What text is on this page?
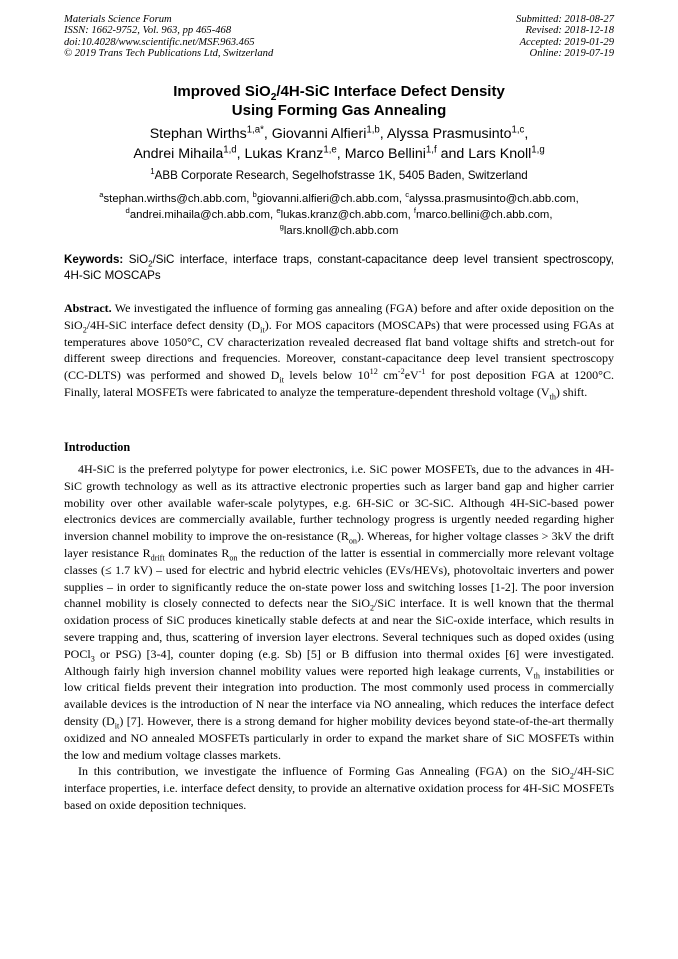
Materials Science Forum
ISSN: 1662-9752, Vol. 963, pp 465-468
doi:10.4028/www.scientific.net/MSF.963.465
© 2019 Trans Tech Publications Ltd, Switzerland
Submitted: 2018-08-27
Revised: 2018-12-18
Accepted: 2019-01-29
Online: 2019-07-19
Improved SiO$_2$/4H-SiC Interface Defect Density
Using Forming Gas Annealing
Stephan Wirths$^{1,a*}$, Giovanni Alfieri$^{1,b}$, Alyssa Prasmusinto$^{1,c}$,
Andrei Mihaila$^{1,d}$, Lukas Kranz$^{1,e}$, Marco Bellini$^{1,f}$ and Lars Knoll$^{1,g}$
$^1$ABB Corporate Research, Segelhofstrasse 1K, 5405 Baden, Switzerland
$^a$stephan.wirths@ch.abb.com, $^b$giovanni.alfieri@ch.abb.com, $^c$alyssa.prasmusinto@ch.abb.com,
$^d$andrei.mihaila@ch.abb.com, $^e$lukas.kranz@ch.abb.com, $^f$marco.bellini@ch.abb.com,
$^g$lars.knoll@ch.abb.com
Keywords: SiO$_2$/SiC interface, interface traps, constant-capacitance deep level transient spectroscopy, 4H-SiC MOSCAPs
Abstract. We investigated the influence of forming gas annealing (FGA) before and after oxide deposition on the SiO$_2$/4H-SiC interface defect density $(D_{it})$. For MOS capacitors (MOSCAPs) that were processed using FGAs at temperatures above 1050°C, CV characterization revealed decreased flat band voltage shifts and stretch-out for different sweep directions and frequencies. Moreover, constant-capacitance deep level transient spectroscopy (CC-DLTS) was performed and showed $D_{it}$ levels below $10^{12}$ $cm^{-2}eV^{-1}$ for post deposition FGA at 1200°C. Finally, lateral MOSFETs were fabricated to analyze the temperature-dependent threshold voltage $(V_{th})$ shift.
Introduction

4H-SiC is the preferred polytype for power electronics, i.e. SiC power MOSFETs, due to the advances in 4H-SiC growth technology as well as its attractive electronic properties such as larger band gap and higher carrier mobility over other available wafer-scale polytypes, e.g. 6H-SiC or 3C-SiC. Although 4H-SiC-based power electronics devices are commercially available, further technology progress is urgently needed regarding higher inversion channel mobility to improve the on-resistance $(R_{on})$. Whereas, for higher voltage classes > 3kV the drift layer resistance $R_{drift}$ dominates $R_{on}$ the reduction of the latter is essential in commercially more relevant voltage classes (≤ 1.7 kV) – used for electric and hybrid electric vehicles (EVs/HEVs), photovoltaic inverters and power supplies – in order to significantly reduce the on-state power loss and switching losses [1-2]. The poor inversion channel mobility is closely connected to defects near the SiO$_2$/SiC interface. It is well known that the thermal oxidation process of SiC produces kinetically stable defects at and near the SiC-oxide interface, which results in severe trapping and, thus, scattering of inversion layer electrons. Several techniques such as doped oxides (using POCl$_3$ or PSG) [3-4], counter doping (e.g. Sb) [5] or B diffusion into thermal oxides [6] were investigated. Although fairly high inversion channel mobility values were reported high leakage currents, $V_{th}$ instabilities or low critical fields prevent their integration into production. The most commonly used process in commercially available devices is the introduction of N near the interface via NO annealing, which reduces the interface defect density $(D_{it})$ [7]. However, there is a strong demand for higher mobility devices beyond state-of-the-art thermally oxidized and NO annealed MOSFETs particularly in order to expand the market share of SiC MOSFETs within the low and medium voltage classes markets.

In this contribution, we investigate the influence of Forming Gas Annealing (FGA) on the SiO$_2$/4H-SiC interface properties, i.e. interface defect density, to provide an alternative oxidation process for 4H-SiC MOSFETs based on oxide deposition techniques.
